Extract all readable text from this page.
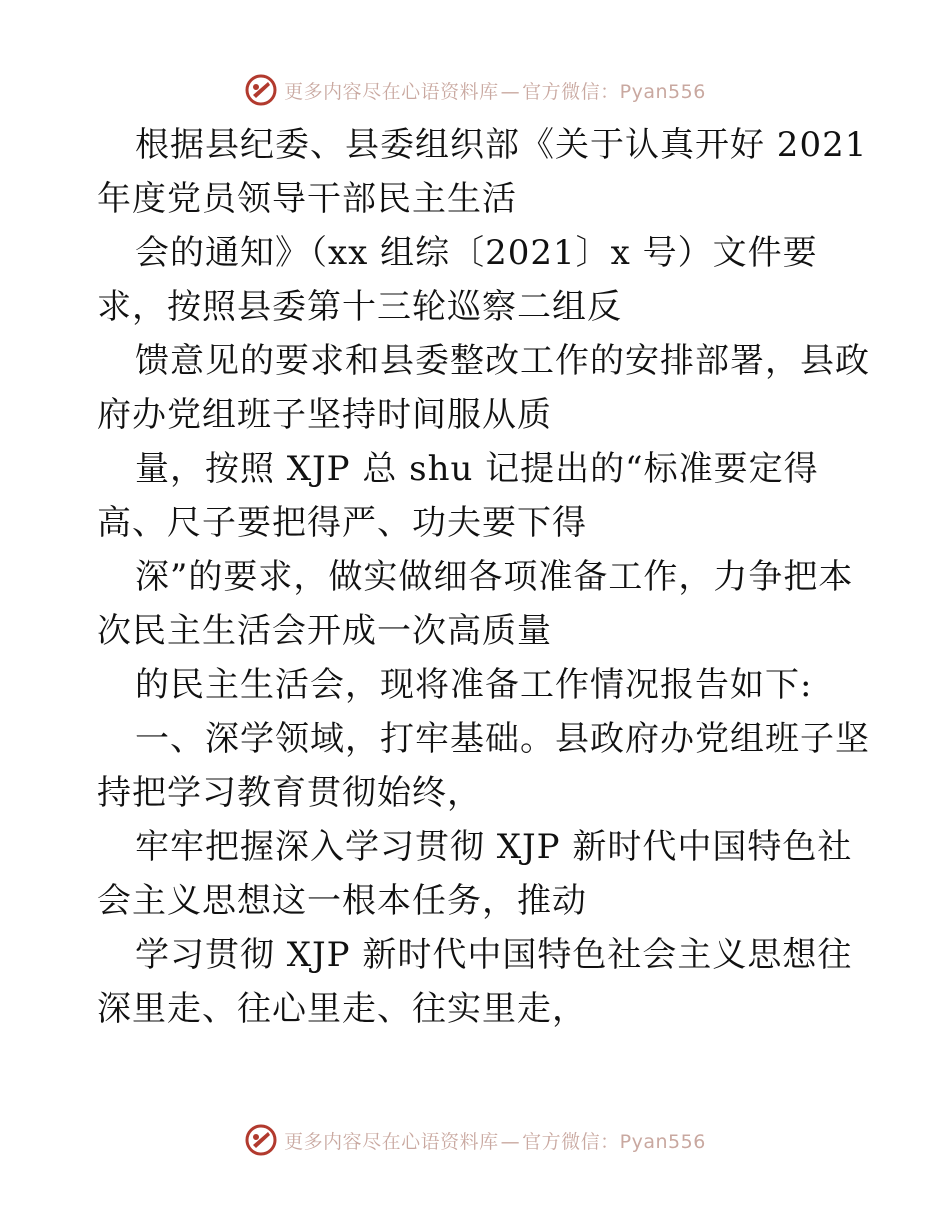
更多内容尽在心语资料库 — 官方微信：Pyan556
根据县纪委、县委组织部《关于认真开好 2021
年度党员领导干部民主生活
会的通知》（xx 组综〔2021〕x 号）文件要
求，按照县委第十三轮巡察二组反
馈意见的要求和县委整改工作的安排部署，县政
府办党组班子坚持时间服从质
量，按照 XJP 总 shu 记提出的“标准要定得
高、尺子要把得严、功夫要下得
深”的要求，做实做细各项准备工作，力争把本
次民主生活会开成一次高质量
的民主生活会，现将准备工作情况报告如下:
一、深学领域，打牢基础。县政府办党组班子坚
持把学习教育贯彻始终，
牢牢把握深入学习贯彻 XJP 新时代中国特色社
会主义思想这一根本任务，推动
学习贯彻 XJP 新时代中国特色社会主义思想往
深里走、往心里走、往实里走，
更多内容尽在心语资料库 — 官方微信：Pyan556
